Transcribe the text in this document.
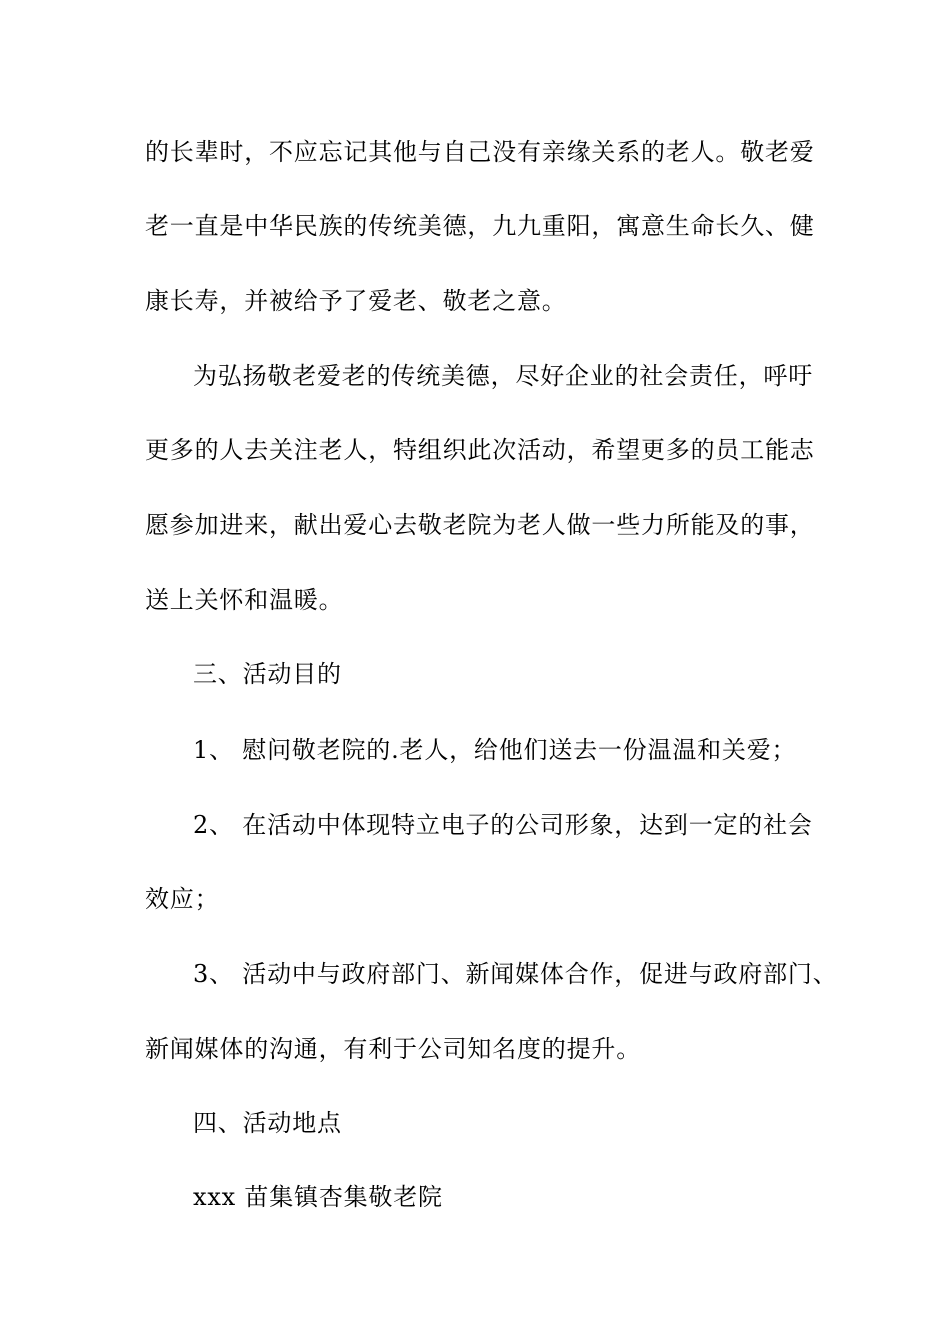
的长辈时，不应忘记其他与自己没有亲缘关系的老人。敬老爱

老一直是中华民族的传统美德，九九重阳，寓意生命长久、健

康长寿，并被给予了爱老、敬老之意。

为弘扬敬老爱老的传统美德，尽好企业的社会责任，呼吁

更多的人去关注老人，特组织此次活动，希望更多的员工能志

愿参加进来，献出爱心去敬老院为老人做一些力所能及的事，

送上关怀和温暖。

三、活动目的

1、 慰问敬老院的.老人，给他们送去一份温温和关爱；

2、 在活动中体现特立电子的公司形象，达到一定的社会

效应；

3、 活动中与政府部门、新闻媒体合作，促进与政府部门、

新闻媒体的沟通，有利于公司知名度的提升。

四、活动地点

xxx 苗集镇杏集敬老院
